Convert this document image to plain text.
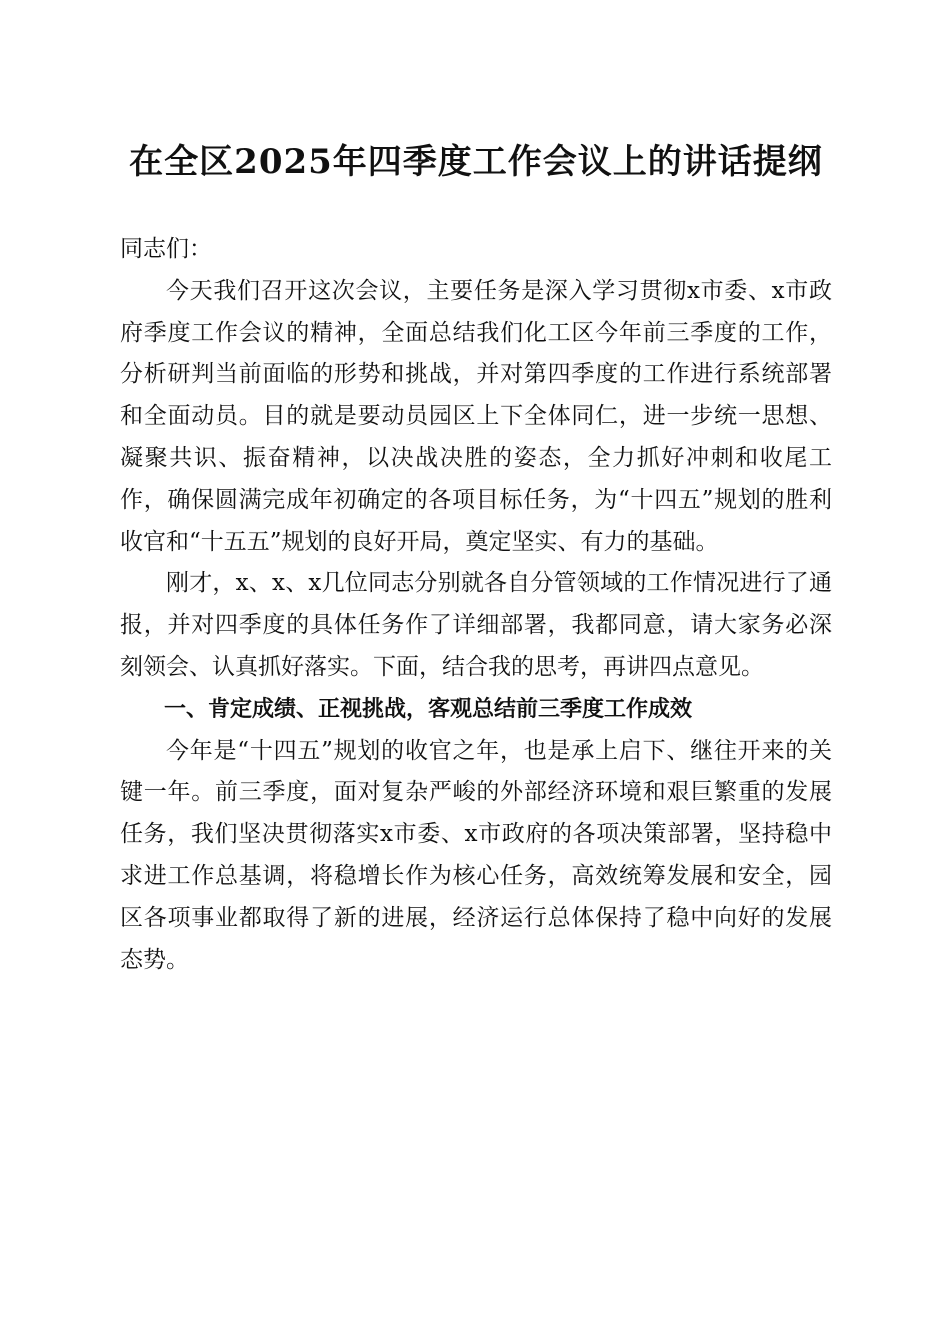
在全区2025年四季度工作会议上的讲话提纲

同志们：

今天我们召开这次会议，主要任务是深入学习贯彻x市委、x市政府季度工作会议的精神，全面总结我们化工区今年前三季度的工作，分析研判当前面临的形势和挑战，并对第四季度的工作进行系统部署和全面动员。目的就是要动员园区上下全体同仁，进一步统一思想、凝聚共识、振奋精神，以决战决胜的姿态，全力抓好冲刺和收尾工作，确保圆满完成年初确定的各项目标任务，为“十四五”规划的胜利收官和“十五五”规划的良好开局，奠定坚实、有力的基础。

刚才，x、x、x几位同志分别就各自分管领域的工作情况进行了通报，并对四季度的具体任务作了详细部署，我都同意，请大家务必深刻领会、认真抓好落实。下面，结合我的思考，再讲四点意见。

一、肯定成绩、正视挑战，客观总结前三季度工作成效

今年是“十四五”规划的收官之年，也是承上启下、继往开来的关键一年。前三季度，面对复杂严峻的外部经济环境和艰巨繁重的发展任务，我们坚决贯彻落实x市委、x市政府的各项决策部署，坚持稳中求进工作总基调，将稳增长作为核心任务，高效统筹发展和安全，园区各项事业都取得了新的进展，经济运行总体保持了稳中向好的发展态势。
